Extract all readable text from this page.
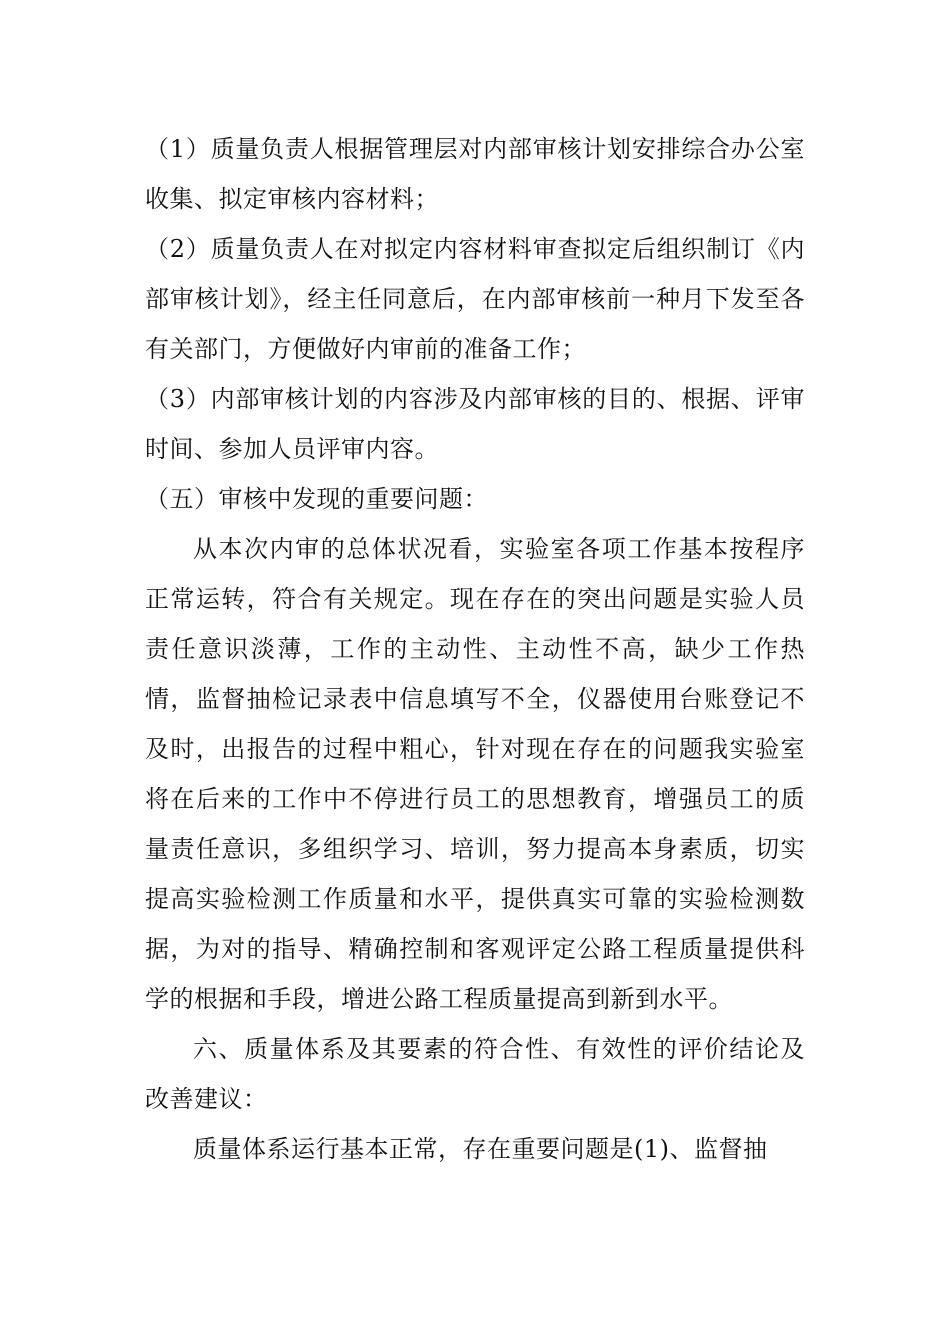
（1）质量负责人根据管理层对内部审核计划安排综合办公室收集、拟定审核内容材料；

（2）质量负责人在对拟定内容材料审查拟定后组织制订《内部审核计划》，经主任同意后，在内部审核前一种月下发至各有关部门，方便做好内审前的准备工作；

（3）内部审核计划的内容涉及内部审核的目的、根据、评审时间、参加人员评审内容。

（五）审核中发现的重要问题：

从本次内审的总体状况看，实验室各项工作基本按程序正常运转，符合有关规定。现在存在的突出问题是实验人员责任意识淡薄，工作的主动性、主动性不高，缺少工作热情，监督抽检记录表中信息填写不全，仪器使用台账登记不及时，出报告的过程中粗心，针对现在存在的问题我实验室将在后来的工作中不停进行员工的思想教育，增强员工的质量责任意识，多组织学习、培训，努力提高本身素质，切实提高实验检测工作质量和水平，提供真实可靠的实验检测数据，为对的指导、精确控制和客观评定公路工程质量提供科学的根据和手段，增进公路工程质量提高到新到水平。

六、质量体系及其要素的符合性、有效性的评价结论及改善建议：

质量体系运行基本正常，存在重要问题是(1)、监督抽
